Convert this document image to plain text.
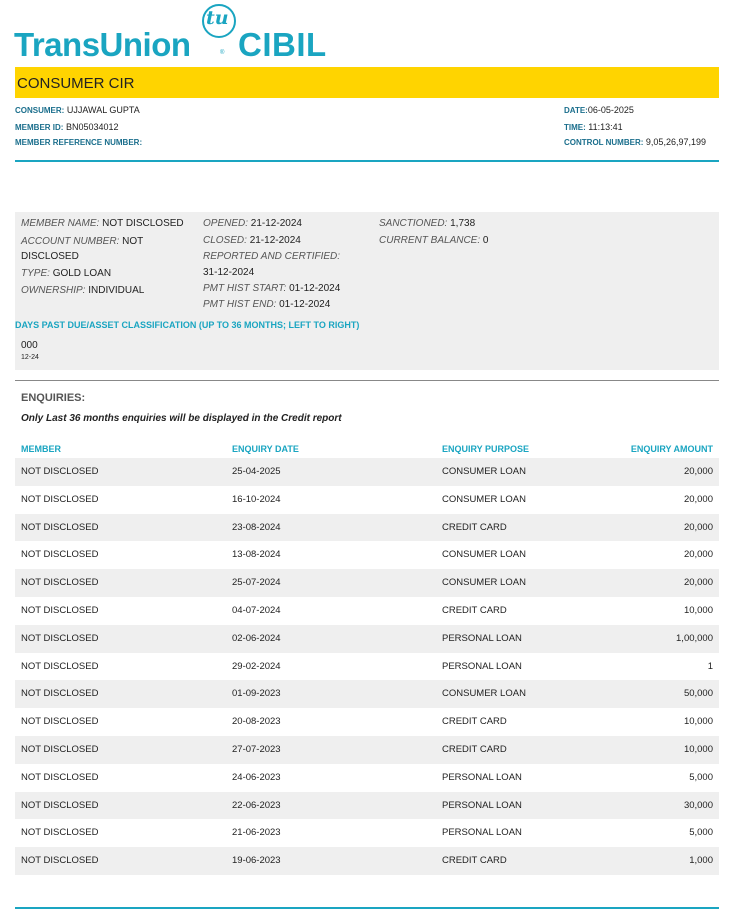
TransUnion
tu
® CIBIL
CONSUMER CIR
CONSUMER: UJJAWAL GUPTA
MEMBER ID: BN05034012
MEMBER REFERENCE NUMBER:
DATE:06-05-2025
TIME: 11:13:41
CONTROL NUMBER: 9,05,26,97,199
MEMBER NAME: NOT DISCLOSED
ACCOUNT NUMBER: NOT
DISCLOSED
TYPE: GOLD LOAN
OWNERSHIP: INDIVIDUAL
OPENED: 21-12-2024
CLOSED: 21-12-2024
REPORTED AND CERTIFIED:
31-12-2024
PMT HIST START: 01-12-2024
PMT HIST END: 01-12-2024
SANCTIONED: 1,738
CURRENT BALANCE: 0
DAYS PAST DUE/ASSET CLASSIFICATION (UP TO 36 MONTHS; LEFT TO RIGHT)
000
12-24
ENQUIRIES:
Only Last 36 months enquiries will be displayed in the Credit report
MEMBER	ENQUIRY DATE	ENQUIRY PURPOSE	ENQUIRY AMOUNT
NOT DISCLOSED	25-04-2025	CONSUMER LOAN	20,000
NOT DISCLOSED	16-10-2024	CONSUMER LOAN	20,000
NOT DISCLOSED	23-08-2024	CREDIT CARD	20,000
NOT DISCLOSED	13-08-2024	CONSUMER LOAN	20,000
NOT DISCLOSED	25-07-2024	CONSUMER LOAN	20,000
NOT DISCLOSED	04-07-2024	CREDIT CARD	10,000
NOT DISCLOSED	02-06-2024	PERSONAL LOAN	1,00,000
NOT DISCLOSED	29-02-2024	PERSONAL LOAN	1
NOT DISCLOSED	01-09-2023	CONSUMER LOAN	50,000
NOT DISCLOSED	20-08-2023	CREDIT CARD	10,000
NOT DISCLOSED	27-07-2023	CREDIT CARD	10,000
NOT DISCLOSED	24-06-2023	PERSONAL LOAN	5,000
NOT DISCLOSED	22-06-2023	PERSONAL LOAN	30,000
NOT DISCLOSED	21-06-2023	PERSONAL LOAN	5,000
NOT DISCLOSED	19-06-2023	CREDIT CARD	1,000
